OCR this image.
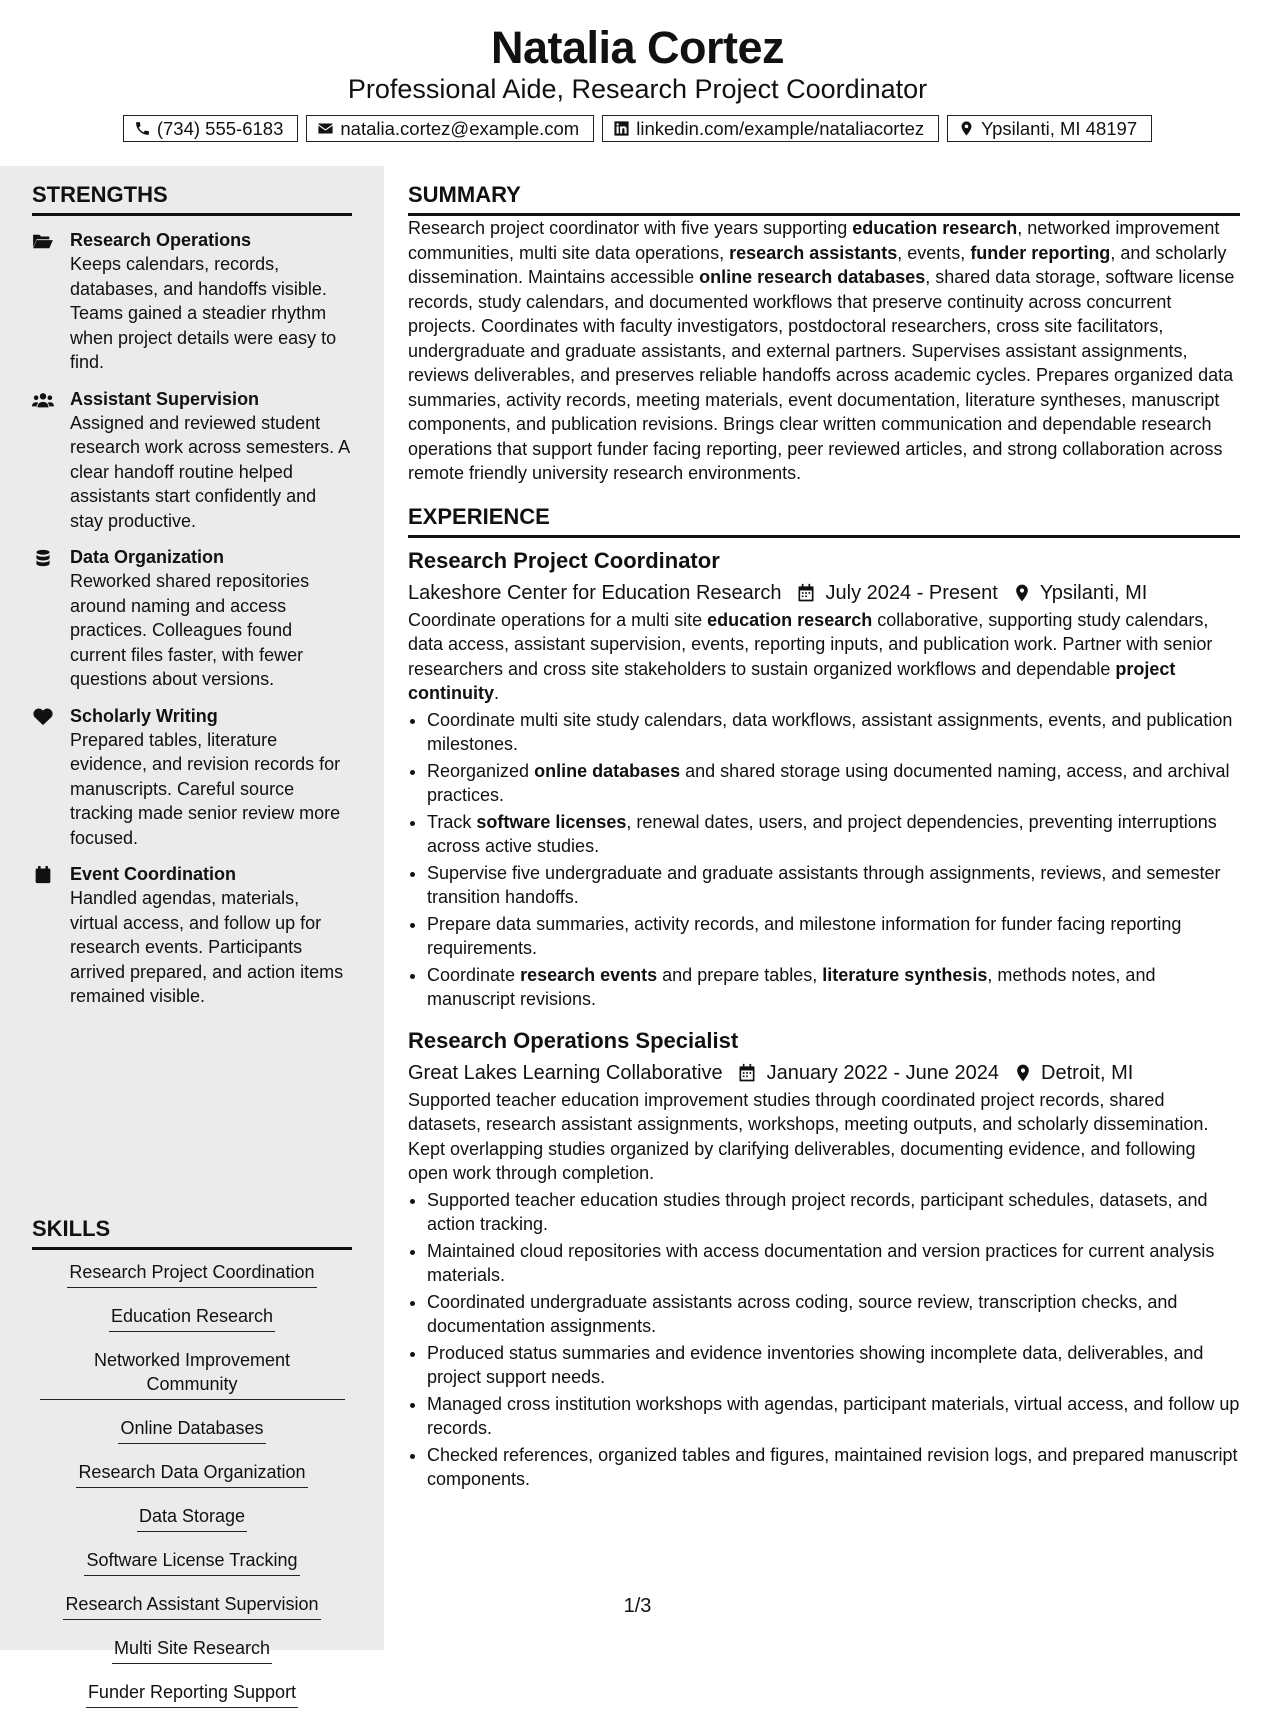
Natalia Cortez
Professional Aide, Research Project Coordinator
(734) 555-6183	natalia.cortez@example.com	linkedin.com/example/nataliacortez	Ypsilanti, MI 48197
STRENGTHS
Research Operations
Keeps calendars, records, databases, and handoffs visible. Teams gained a steadier rhythm when project details were easy to find.
Assistant Supervision
Assigned and reviewed student research work across semesters. A clear handoff routine helped assistants start confidently and stay productive.
Data Organization
Reworked shared repositories around naming and access practices. Colleagues found current files faster, with fewer questions about versions.
Scholarly Writing
Prepared tables, literature evidence, and revision records for manuscripts. Careful source tracking made senior review more focused.
Event Coordination
Handled agendas, materials, virtual access, and follow up for research events. Participants arrived prepared, and action items remained visible.
SKILLS
Research Project Coordination
Education Research
Networked Improvement Community
Online Databases
Research Data Organization
Data Storage
Software License Tracking
Research Assistant Supervision
Multi Site Research
Funder Reporting Support
SUMMARY

Research project coordinator with five years supporting education research, networked improvement communities, multi site data operations, research assistants, events, funder reporting, and scholarly dissemination. Maintains accessible online research databases, shared data storage, software license records, study calendars, and documented workflows that preserve continuity across concurrent projects. Coordinates with faculty investigators, postdoctoral researchers, cross site facilitators, undergraduate and graduate assistants, and external partners. Supervises assistant assignments, reviews deliverables, and preserves reliable handoffs across academic cycles. Prepares organized data summaries, activity records, meeting materials, event documentation, literature syntheses, manuscript components, and publication revisions. Brings clear written communication and dependable research operations that support funder facing reporting, peer reviewed articles, and strong collaboration across remote friendly university research environments.

EXPERIENCE
Research Project Coordinator
Lakeshore Center for Education Research July 2024 - Present Ypsilanti, MI

Coordinate operations for a multi site education research collaborative, supporting study calendars, data access, assistant supervision, events, reporting inputs, and publication work. Partner with senior researchers and cross site stakeholders to sustain organized workflows and dependable project continuity.

• Coordinate multi site study calendars, data workflows, assistant assignments, events, and publication milestones.
• Reorganized online databases and shared storage using documented naming, access, and archival practices.
• Track software licenses, renewal dates, users, and project dependencies, preventing interruptions across active studies.
• Supervise five undergraduate and graduate assistants through assignments, reviews, and semester transition handoffs.
• Prepare data summaries, activity records, and milestone information for funder facing reporting requirements.
• Coordinate research events and prepare tables, literature synthesis, methods notes, and manuscript revisions.
Research Operations Specialist
Great Lakes Learning Collaborative January 2022 - June 2024 Detroit, MI

Supported teacher education improvement studies through coordinated project records, shared datasets, research assistant assignments, workshops, meeting outputs, and scholarly dissemination. Kept overlapping studies organized by clarifying deliverables, documenting evidence, and following open work through completion.

• Supported teacher education studies through project records, participant schedules, datasets, and action tracking.
• Maintained cloud repositories with access documentation and version practices for current analysis materials.
• Coordinated undergraduate assistants across coding, source review, transcription checks, and documentation assignments.
• Produced status summaries and evidence inventories showing incomplete data, deliverables, and project support needs.
• Managed cross institution workshops with agendas, participant materials, virtual access, and follow up records.
• Checked references, organized tables and figures, maintained revision logs, and prepared manuscript components.
1/3
